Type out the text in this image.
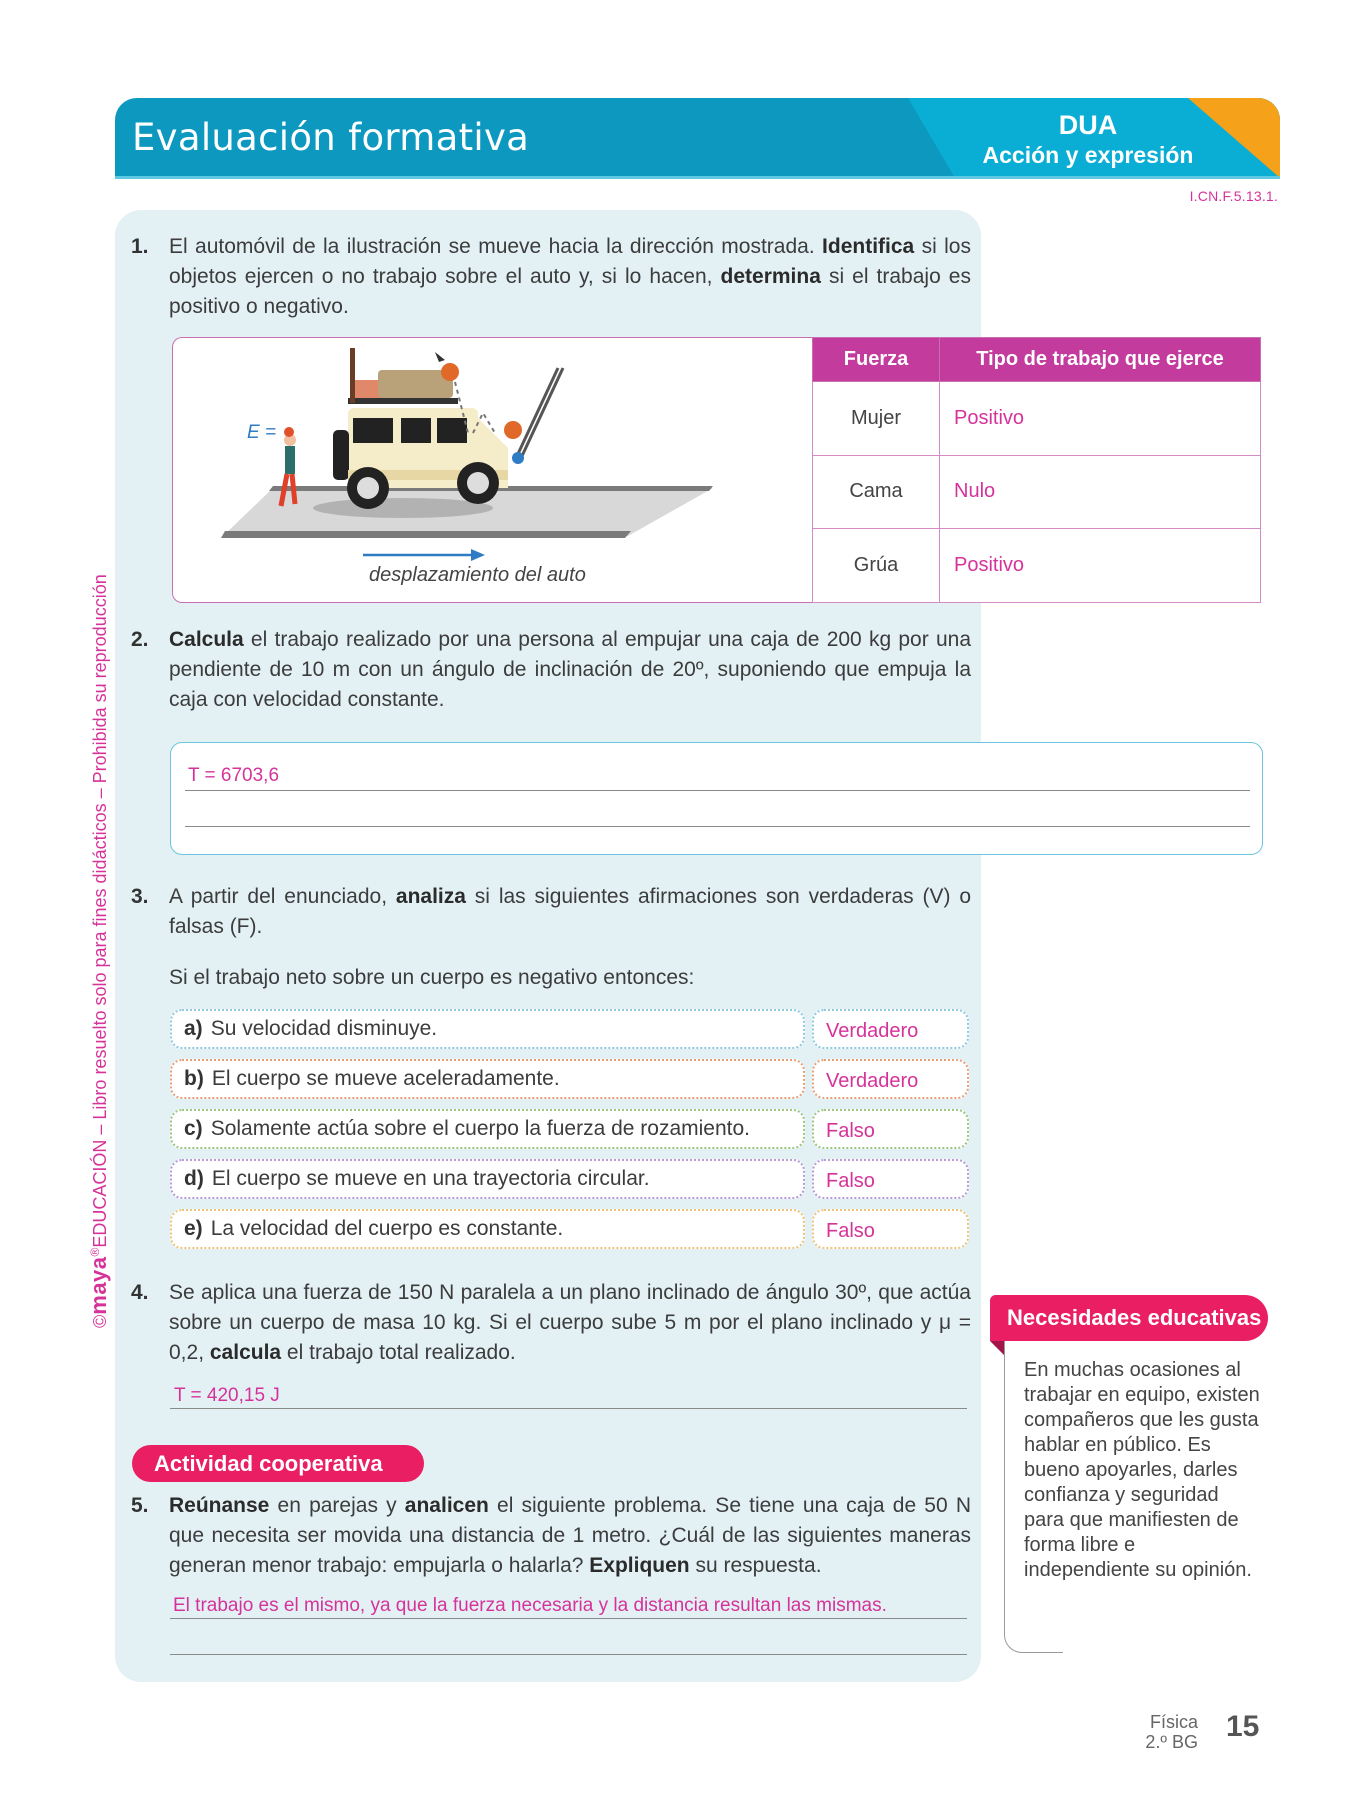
Evaluación formativa	DUA
Acción y expresión
I.CN.F.5.13.1.
©maya®EDUCACIÓN – Libro resuelto solo para fines didácticos – Prohibida su reproducción
1. El automóvil de la ilustración se mueve hacia la dirección mostrada. Identifica si los objetos ejercen o no trabajo sobre el auto y, si lo hacen, determina si el trabajo es positivo o negativo.
E =
desplazamiento del auto
Fuerza	Tipo de trabajo que ejerce
Mujer	Positivo
Cama	Nulo
Grúa	Positivo
2. Calcula el trabajo realizado por una persona al empujar una caja de 200 kg por una pendiente de 10 m con un ángulo de inclinación de 20º, suponiendo que empuja la caja con velocidad constante.
T = 6703,6
3. A partir del enunciado, analiza si las siguientes afirmaciones son verdaderas (V) o falsas (F).
Si el trabajo neto sobre un cuerpo es negativo entonces:
a) Su velocidad disminuye.	Verdadero
b) El cuerpo se mueve aceleradamente.	Verdadero
c) Solamente actúa sobre el cuerpo la fuerza de rozamiento.	Falso
d) El cuerpo se mueve en una trayectoria circular.	Falso
e) La velocidad del cuerpo es constante.	Falso
4. Se aplica una fuerza de 150 N paralela a un plano inclinado de ángulo 30º, que actúa sobre un cuerpo de masa 10 kg. Si el cuerpo sube 5 m por el plano inclinado y μ = 0,2, calcula el trabajo total realizado.
T = 420,15 J
Actividad cooperativa
5. Reúnanse en parejas y analicen el siguiente problema. Se tiene una caja de 50 N que necesita ser movida una distancia de 1 metro. ¿Cuál de las siguientes maneras generan menor trabajo: empujarla o halarla? Expliquen su respuesta.
El trabajo es el mismo, ya que la fuerza necesaria y la distancia resultan las mismas.
Necesidades educativas
En muchas ocasiones al trabajar en equipo, existen compañeros que les gusta hablar en público. Es bueno apoyarles, darles confianza y seguridad para que manifiesten de forma libre e independiente su opinión.
Física
2.º BG 15
